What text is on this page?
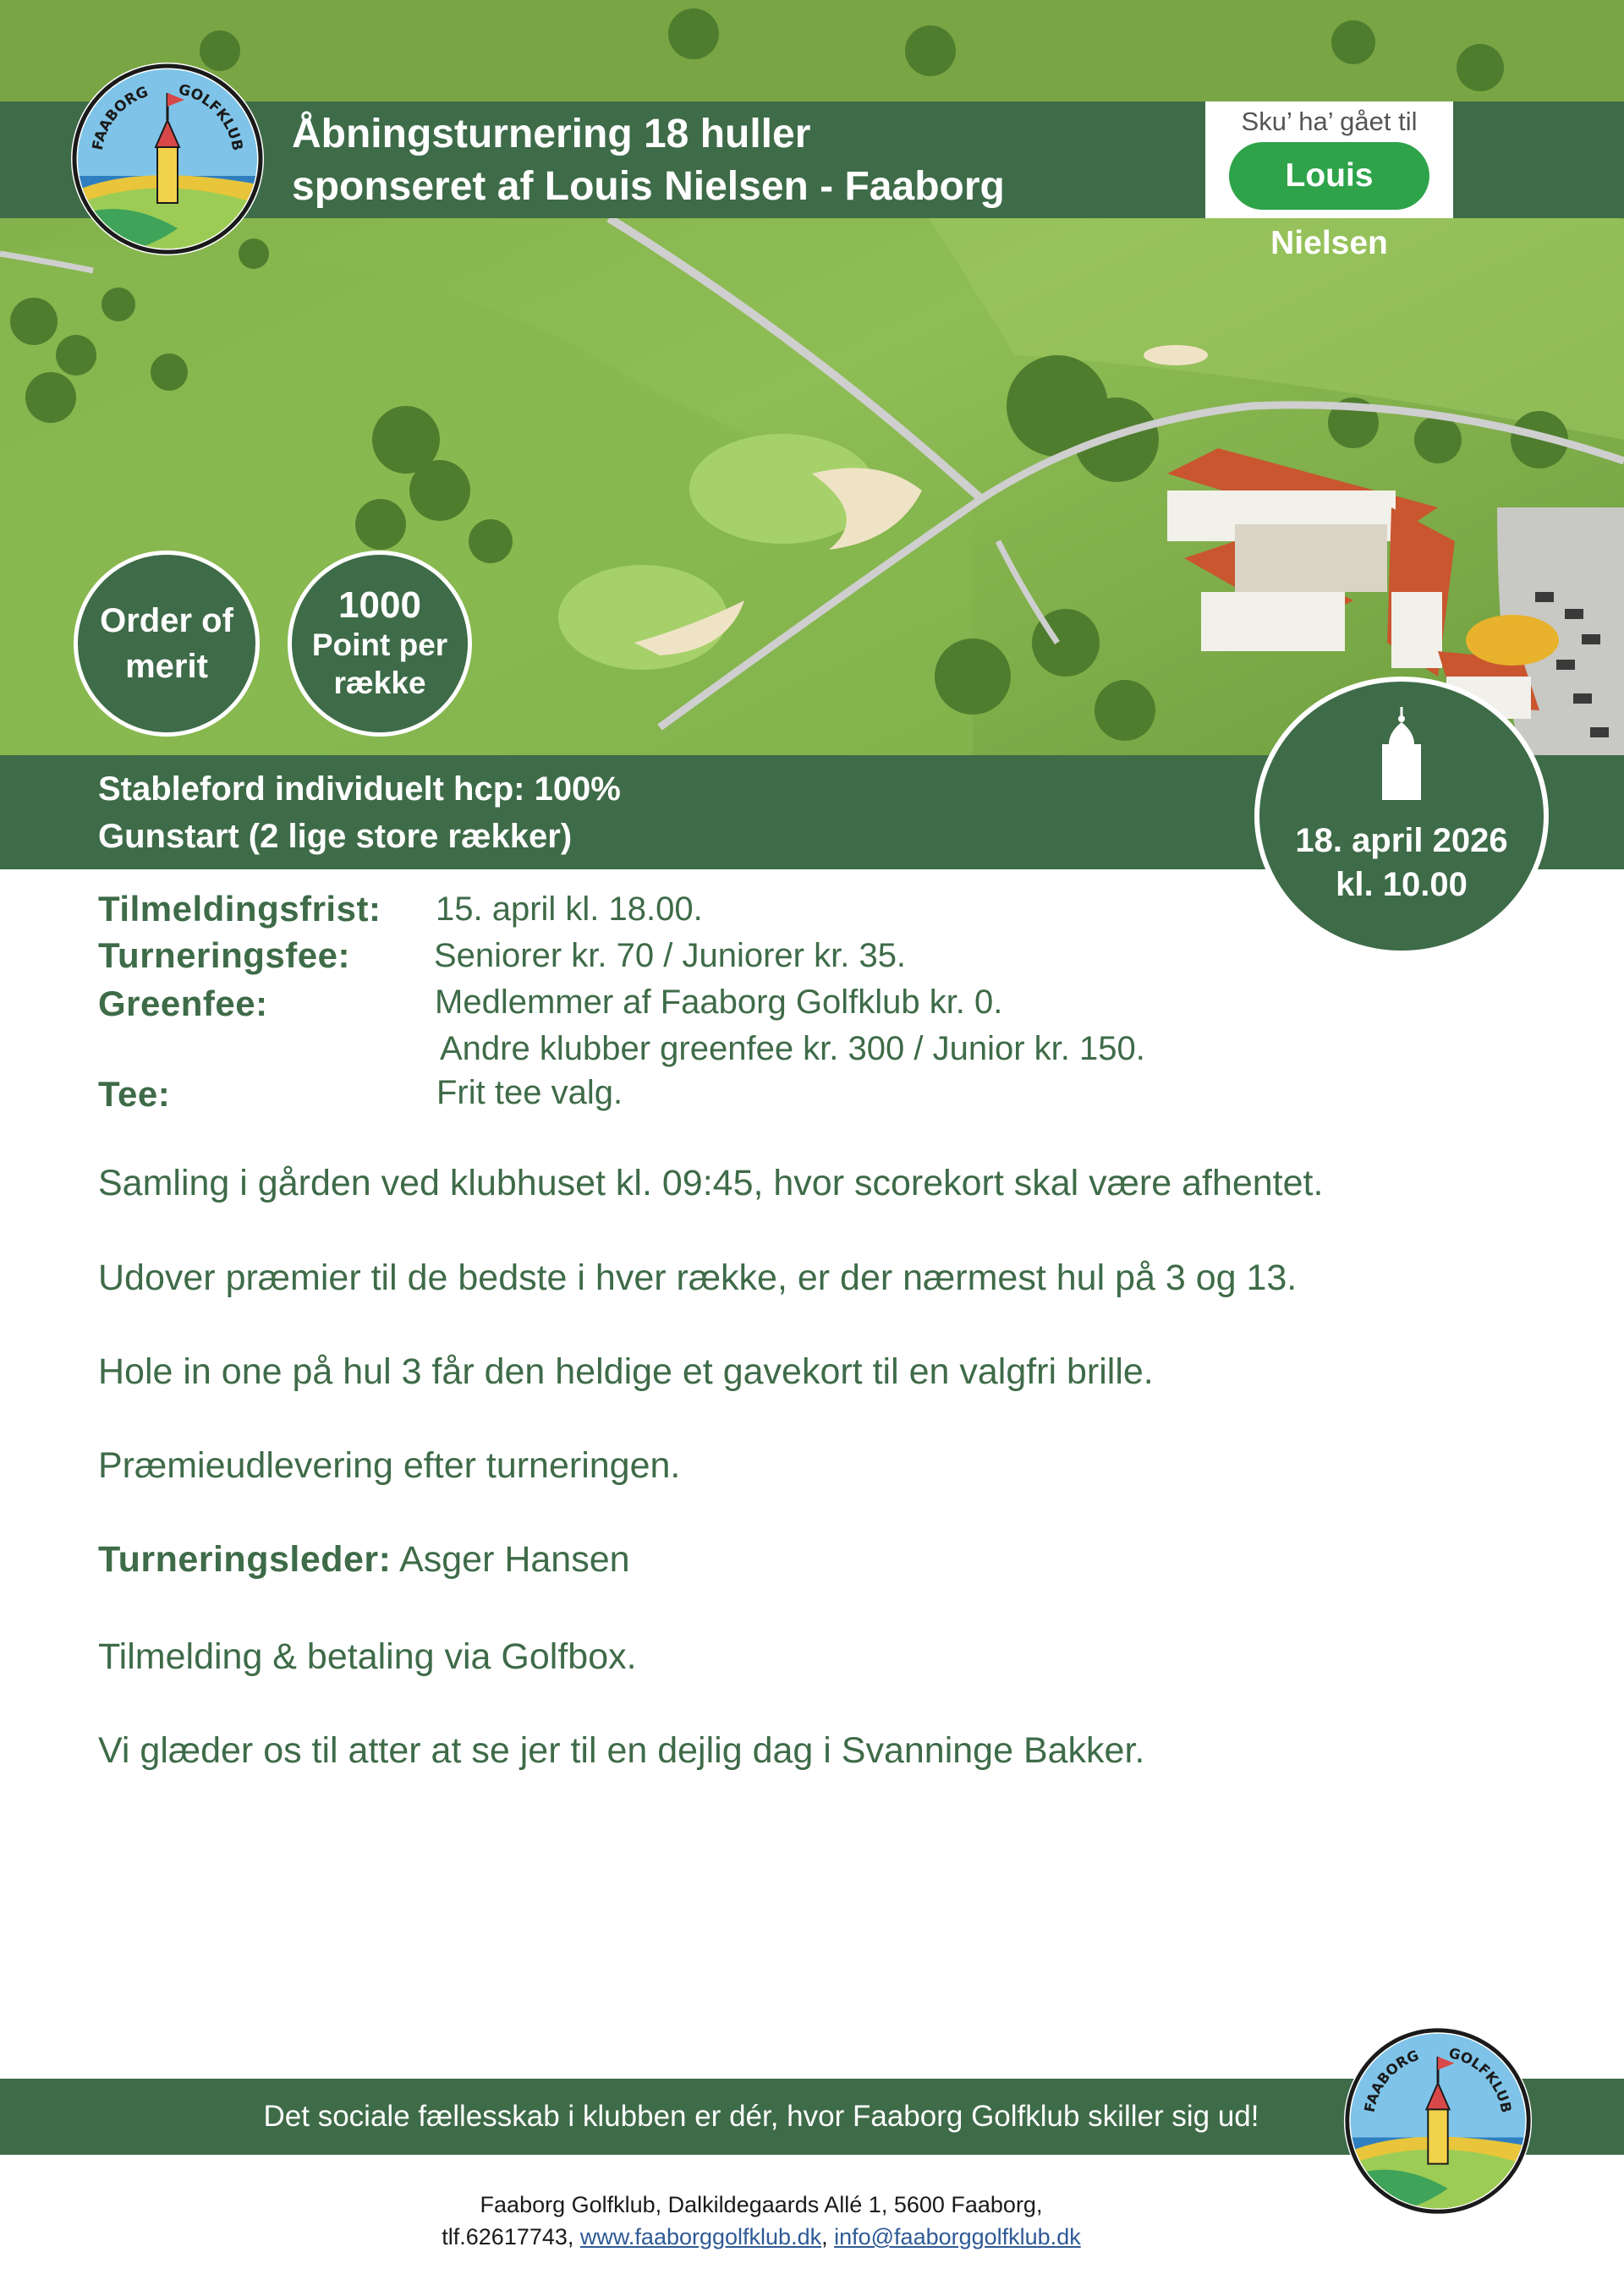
Åbningsturnering 18 huller
sponseret af Louis Nielsen - Faaborg
Sku’ ha’ gået til
Louis Nielsen
FAABORG GOLFKLUB
Order of
merit
1000
Point per
række
Stableford individuelt hcp: 100%
Gunstart (2 lige store rækker)	18. april 2026
kl. 10.00
Tilmeldingsfrist: 15. april kl. 18.00.
Turneringsfee: Seniorer kr. 70 / Juniorer kr. 35.
Greenfee:	Medlemmer af Faaborg Golfklub kr. 0.
Andre klubber greenfee kr. 300 / Junior kr. 150.
Tee:	Frit tee valg.
Samling i gården ved klubhuset kl. 09:45, hvor scorekort skal være afhentet.
Udover præmier til de bedste i hver række, er der nærmest hul på 3 og 13.
Hole in one på hul 3 får den heldige et gavekort til en valgfri brille.
Præmieudlevering efter turneringen.
Turneringsleder: Asger Hansen
Tilmelding & betaling via Golfbox.
Vi glæder os til atter at se jer til en dejlig dag i Svanninge Bakker.
Det sociale fællesskab i klubben er dér, hvor Faaborg Golfklub skiller sig ud!	FAABORG GOLFKLUB
Faaborg Golfklub, Dalkildegaards Allé 1, 5600 Faaborg,
tlf.62617743, www.faaborggolfklub.dk, info@faaborggolfklub.dk
